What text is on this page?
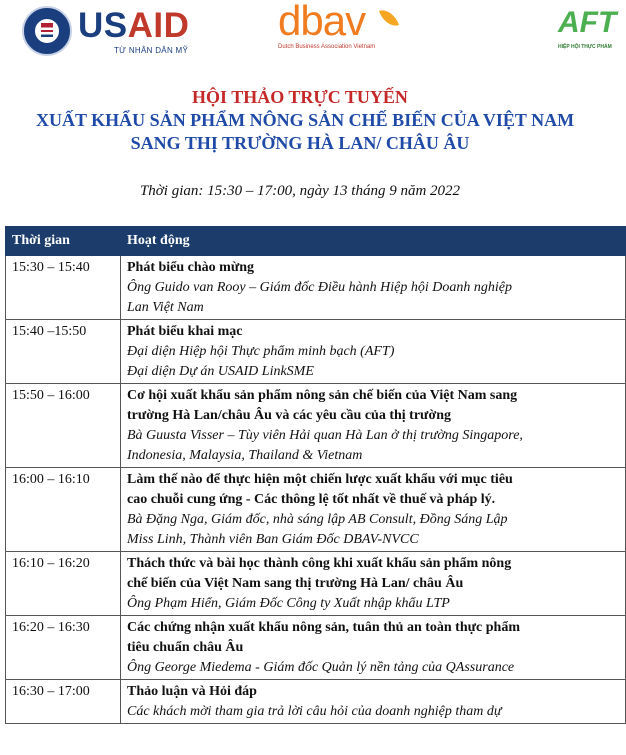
USAID
TỪ NHÂN DÂN MỸ
dbav
Dutch Business Association Vietnam
AFT
HIỆP HỘI THỰC PHẨM
HỘI THẢO TRỰC TUYẾN
XUẤT KHẨU SẢN PHẨM NÔNG SẢN CHẾ BIẾN CỦA VIỆT NAM
SANG THỊ TRƯỜNG HÀ LAN/ CHÂU ÂU
Thời gian: 15:30 – 17:00, ngày 13 tháng 9 năm 2022
Thời gian	Hoạt động
15:30 – 15:40	Phát biểu chào mừng
Ông Guido van Rooy – Giám đốc Điều hành Hiệp hội Doanh nghiệp
Lan Việt Nam

15:40 –15:50	Phát biểu khai mạc
Đại diện Hiệp hội Thực phẩm minh bạch (AFT)
Đại diện Dự án USAID LinkSME

15:50 – 16:00	Cơ hội xuất khẩu sản phẩm nông sản chế biến của Việt Nam sang
trường Hà Lan/châu Âu và các yêu cầu của thị trường
Bà Guusta Visser – Tùy viên Hải quan Hà Lan ở thị trường Singapore,
Indonesia, Malaysia, Thailand & Vietnam

16:00 – 16:10	Làm thế nào để thực hiện một chiến lược xuất khẩu với mục tiêu
cao chuỗi cung ứng - Các thông lệ tốt nhất về thuế và pháp lý.
Bà Đặng Nga, Giám đốc, nhà sáng lập AB Consult, Đồng Sáng Lập
Miss Linh, Thành viên Ban Giám Đốc DBAV-NVCC

16:10 – 16:20	Thách thức và bài học thành công khi xuất khẩu sản phẩm nông
chế biến của Việt Nam sang thị trường Hà Lan/ châu Âu
Ông Phạm Hiển, Giám Đốc Công ty Xuất nhập khẩu LTP

16:20 – 16:30	Các chứng nhận xuất khẩu nông sản, tuân thủ an toàn thực phẩm
tiêu chuẩn châu Âu
Ông George Miedema - Giám đốc Quản lý nền tảng của QAssurance

16:30 – 17:00	Thảo luận và Hỏi đáp
Các khách mời tham gia trả lời câu hỏi của doanh nghiệp tham dự
